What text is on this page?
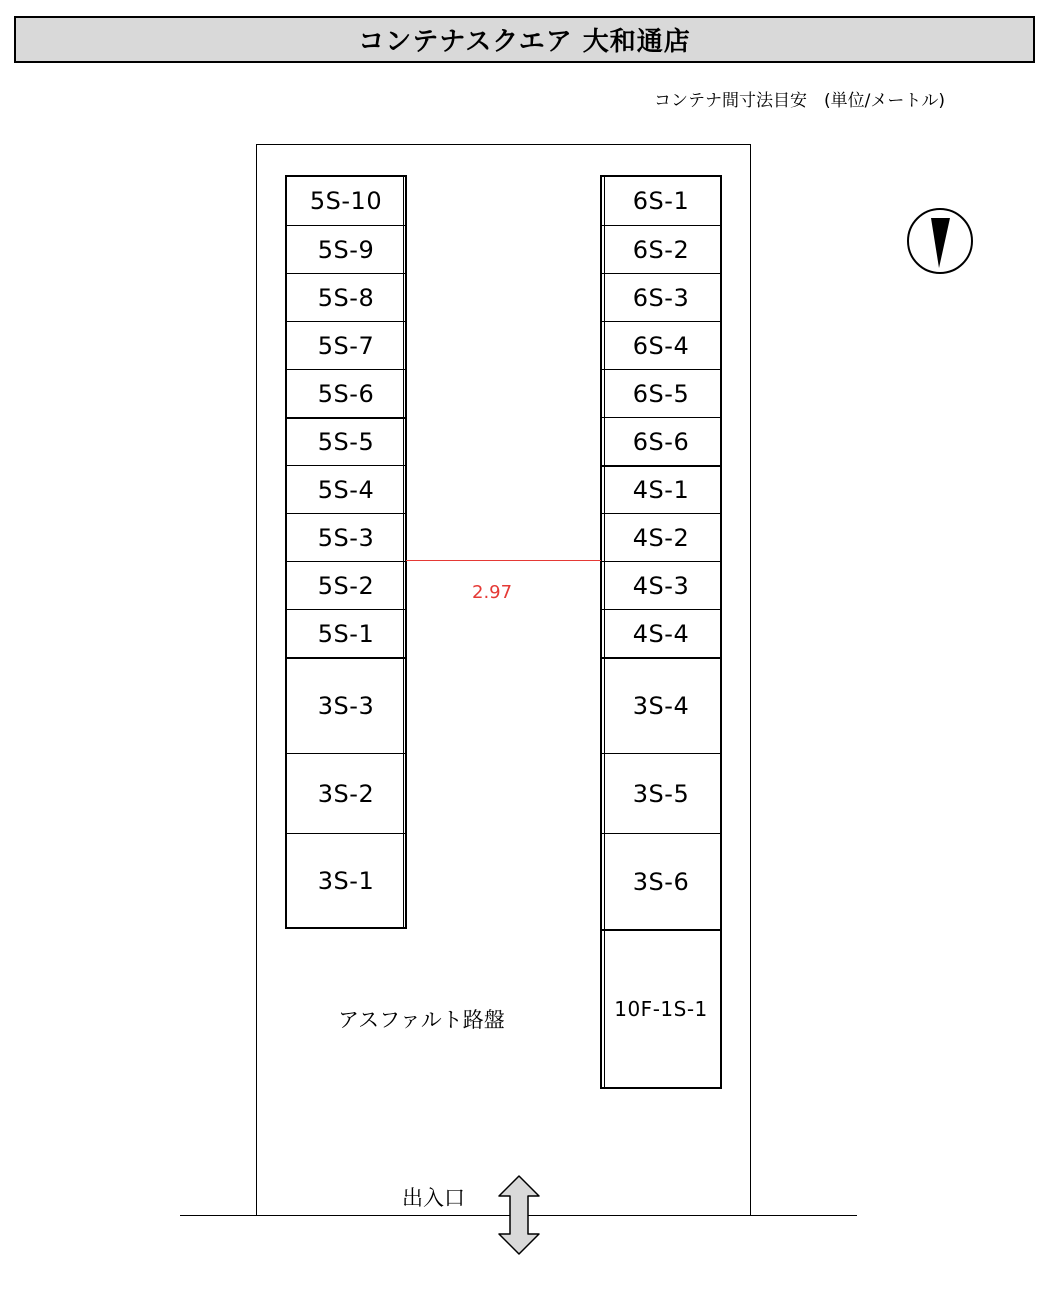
コンテナスクエア 大和通店
コンテナ間寸法目安　(単位/メートル)
5S-10
5S-9
5S-8
5S-7
5S-6
5S-5
5S-4
5S-3
5S-2
5S-1
3S-3
3S-2
3S-1
6S-1
6S-2
6S-3
6S-4
6S-5
6S-6
4S-1
4S-2
4S-3
4S-4
3S-4
3S-5
3S-6
10F-1S-1
2.97
アスファルト路盤
出入口
